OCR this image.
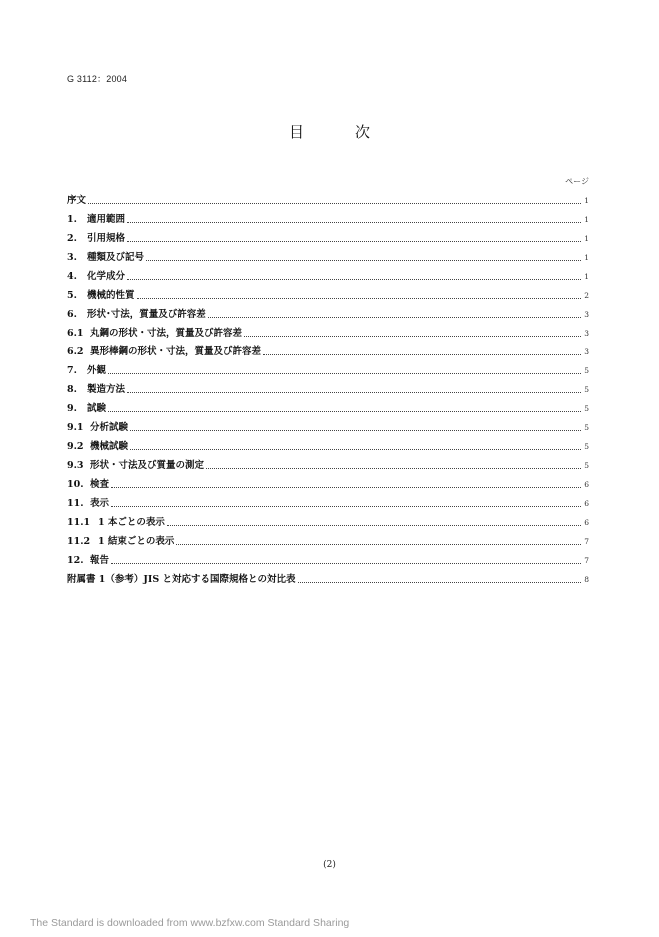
G 3112：2004
目　次
ページ
序文	1
1.	適用範囲	1
2.	引用規格	1
3.	種類及び記号	1
4.	化学成分	1
5.	機械的性質	2
6.	形状･寸法，質量及び許容差	3
6.1 丸鋼の形状・寸法，質量及び許容差	3
6.2 異形棒鋼の形状・寸法，質量及び許容差	3
7.	外観	5
8.	製造方法	5
9.	試験	5
9.1 分析試験	5
9.2 機械試験	5
9.3 形状・寸法及び質量の測定	5
10. 検査	6
11. 表示	6
11.1 1 本ごとの表示	6
11.2 1 結束ごとの表示	7
12. 報告	7
附属書 1（参考）JIS と対応する国際規格との対比表	8
(2)
The Standard is downloaded from www.bzfxw.com Standard Sharing
